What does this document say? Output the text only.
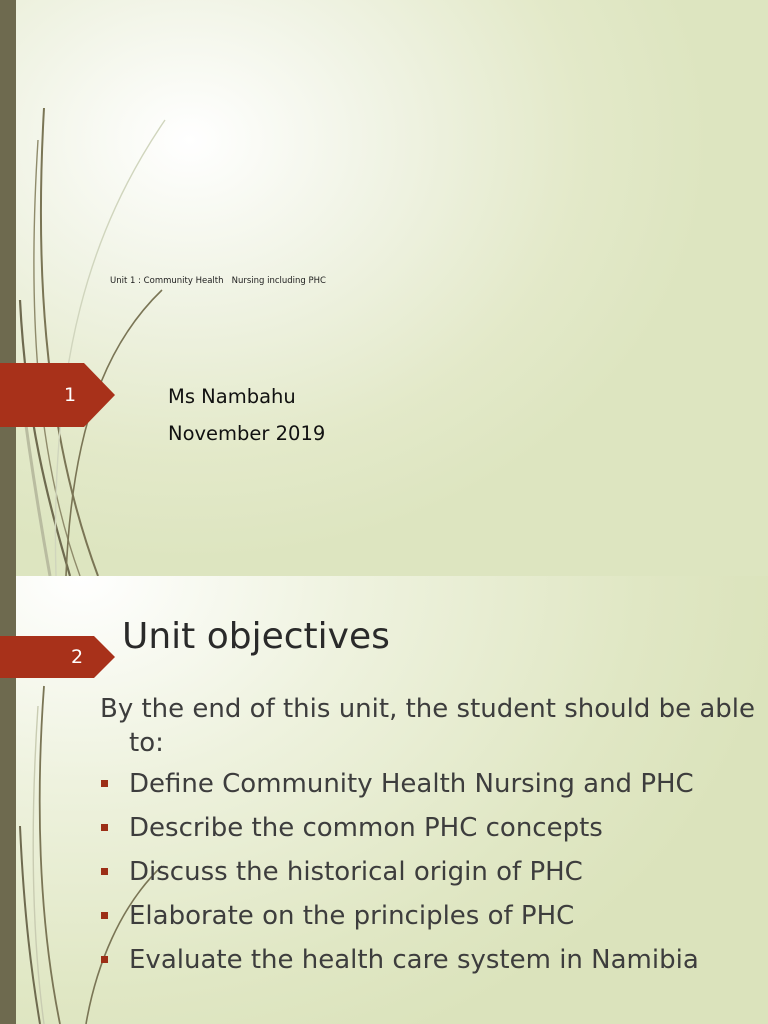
1
Unit 1 : Community Health   Nursing including PHC
Ms Nambahu
November 2019
2	Unit objectives
By the end of this unit, the student should be able to:
Define Community Health Nursing and PHC
Describe the common PHC concepts
Discuss the historical origin of PHC
Elaborate on the principles of PHC
Evaluate the health care system in Namibia
